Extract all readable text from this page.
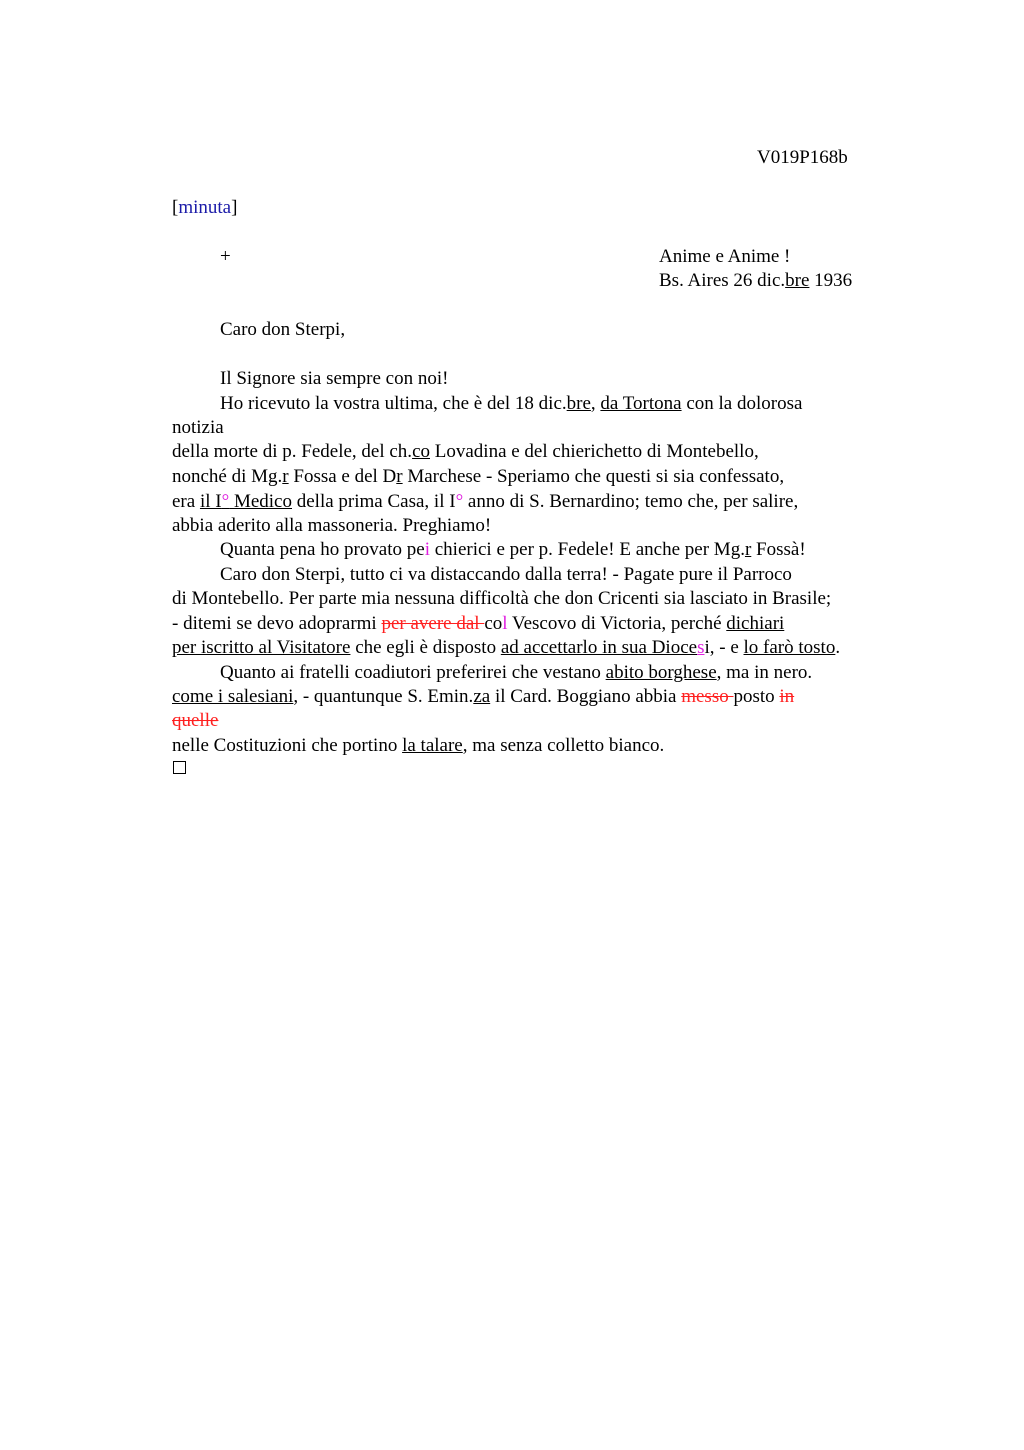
V019P168b
[minuta]
+	Anime e Anime !
Bs. Aires 26 dic.bre 1936
Caro don Sterpi,
Il Signore sia sempre con noi!
Ho ricevuto la vostra ultima, che è del 18 dic.bre, da Tortona con la dolorosa
notizia
della morte di p. Fedele, del ch.co Lovadina e del chierichetto di Montebello,
nonché di Mg.r Fossa e del Dr Marchese - Speriamo che questi si sia confessato,
era il I° Medico della prima Casa, il I° anno di S. Bernardino; temo che, per salire,
abbia aderito alla massoneria. Preghiamo!
Quanta pena ho provato pei chierici e per p. Fedele! E anche per Mg.r Fossà!
Caro don Sterpi, tutto ci va distaccando dalla terra! - Pagate pure il Parroco
di Montebello. Per parte mia nessuna difficoltà che don Cricenti sia lasciato in Brasile;
- ditemi se devo adoprarmi per avere dal col Vescovo di Victoria, perché dichiari
per iscritto al Visitatore che egli è disposto ad accettarlo in sua Diocesi, - e lo farò tosto.
Quanto ai fratelli coadiutori preferirei che vestano abito borghese, ma in nero.
come i salesiani, - quantunque S. Emin.za il Card. Boggiano abbia messo posto in
quelle
nelle Costituzioni che portino la talare, ma senza colletto bianco.
